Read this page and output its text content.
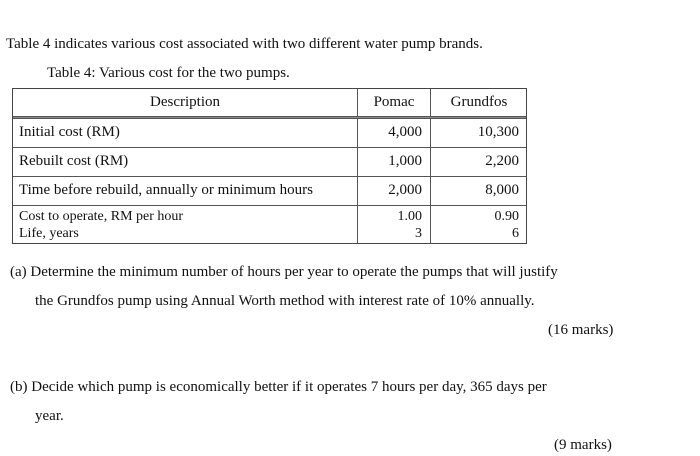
Table 4 indicates various cost associated with two different water pump brands.
Table 4: Various cost for the two pumps.
Description	Pomac	Grundfos
Initial cost (RM)	4,000	10,300
Rebuilt cost (RM)	1,000	2,200
Time before rebuild, annually or minimum hours	2,000	8,000
Cost to operate, RM per hour	1.00	0.90
Life, years	3	6
(a) Determine the minimum number of hours per year to operate the pumps that will justify
the Grundfos pump using Annual Worth method with interest rate of 10% annually.
(16 marks)
(b) Decide which pump is economically better if it operates 7 hours per day, 365 days per
year.
(9 marks)
